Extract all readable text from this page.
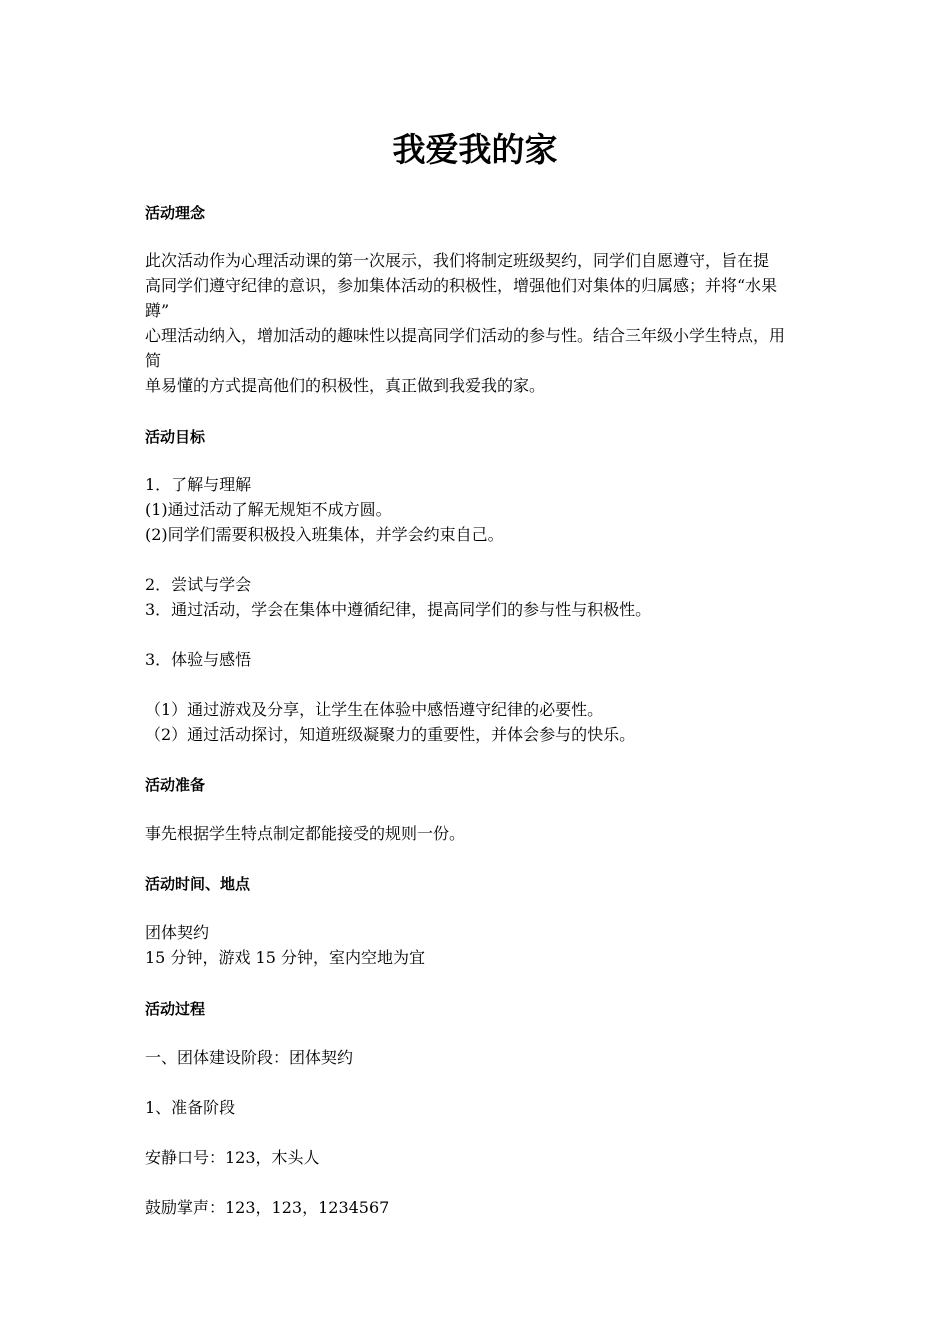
我爱我的家

活动理念

此次活动作为心理活动课的第一次展示，我们将制定班级契约，同学们自愿遵守，旨在提

高同学们遵守纪律的意识，参加集体活动的积极性，增强他们对集体的归属感；并将“水果

蹲”

心理活动纳入，增加活动的趣味性以提高同学们活动的参与性。结合三年级小学生特点，用

简

单易懂的方式提高他们的积极性，真正做到我爱我的家。

活动目标

1．了解与理解

(1)通过活动了解无规矩不成方圆。

(2)同学们需要积极投入班集体，并学会约束自己。

2．尝试与学会

3．通过活动，学会在集体中遵循纪律，提高同学们的参与性与积极性。

3．体验与感悟

（1）通过游戏及分享，让学生在体验中感悟遵守纪律的必要性。

（2）通过活动探讨，知道班级凝聚力的重要性，并体会参与的快乐。

活动准备

事先根据学生特点制定都能接受的规则一份。

活动时间、地点

团体契约

15 分钟，游戏 15 分钟，室内空地为宜

活动过程

一、团体建设阶段：团体契约

1、准备阶段

安静口号：123，木头人

鼓励掌声：123，123，1234567
